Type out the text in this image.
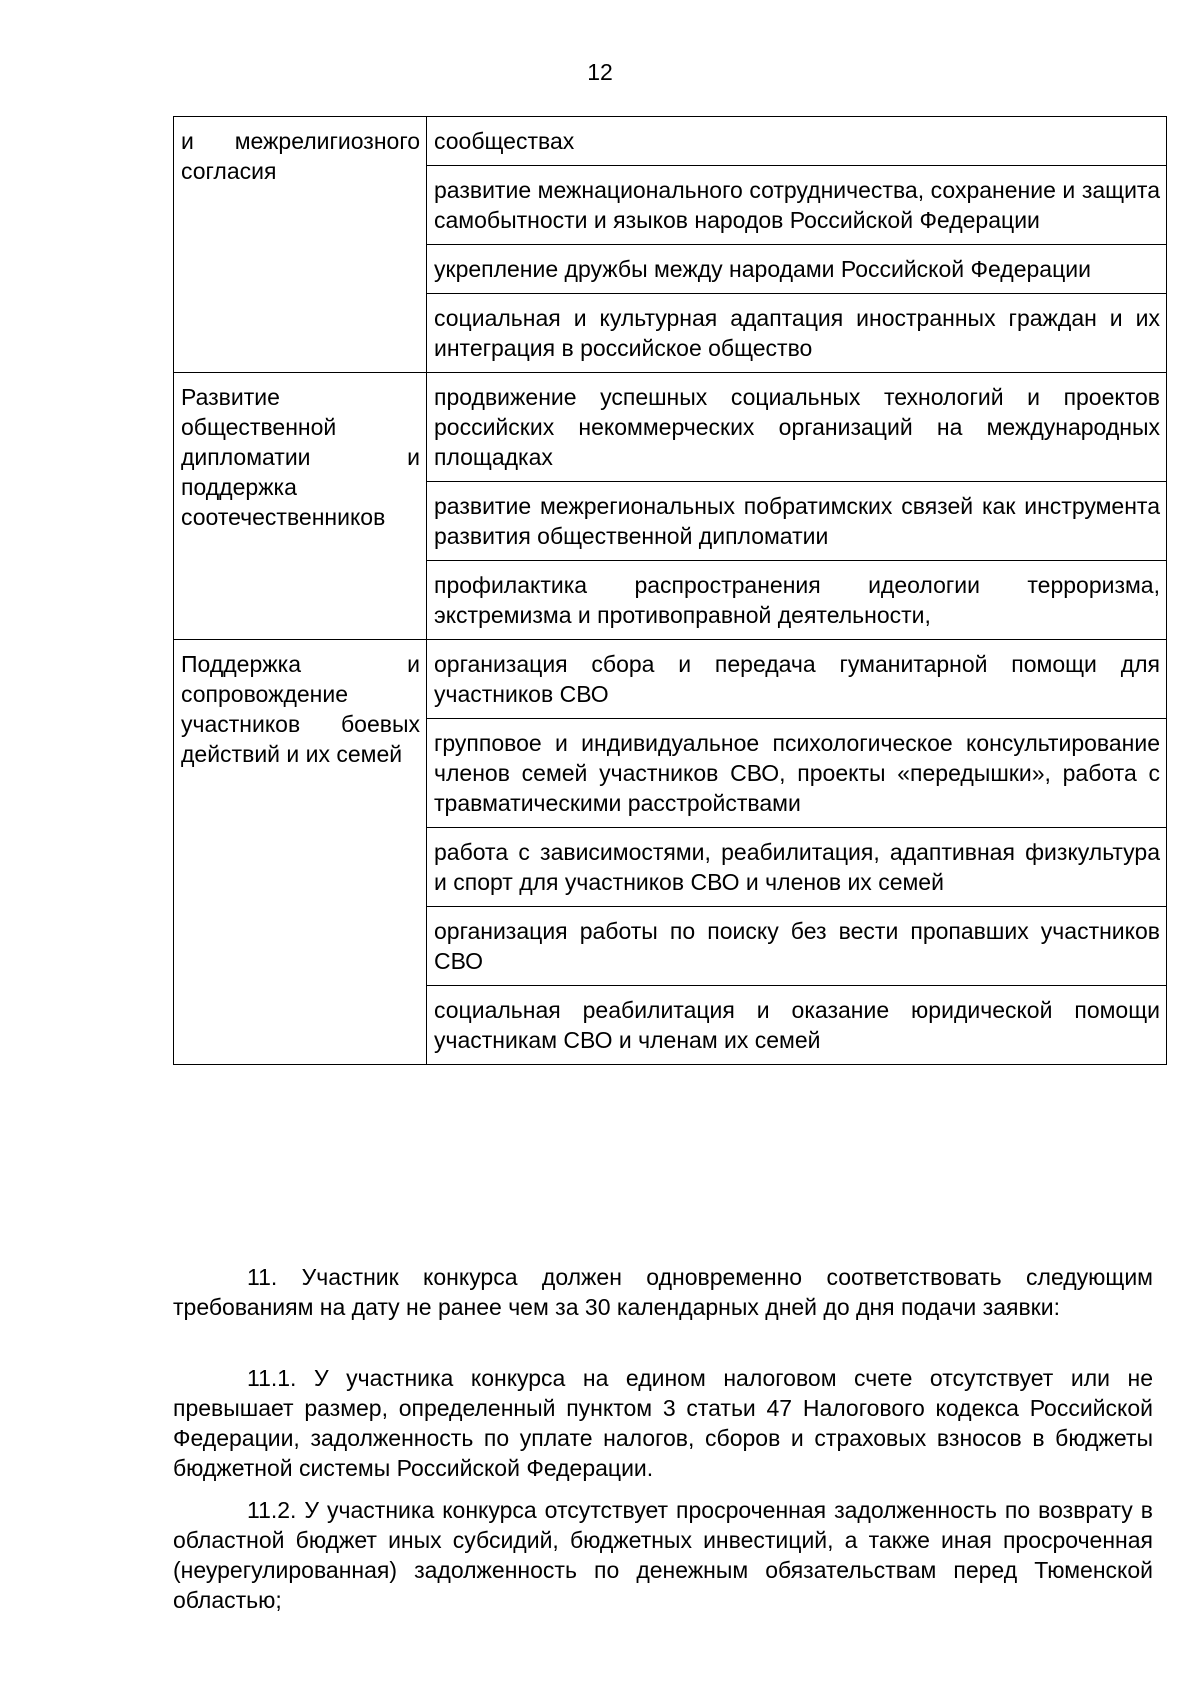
12
и межрелигиозного согласия	сообществах
	развитие межнационального сотрудничества, сохранение и защита самобытности и языков народов Российской Федерации
	укрепление дружбы между народами Российской Федерации
	социальная и культурная адаптация иностранных граждан и их интеграция в российское общество
Развитие общественной дипломатии и поддержка соотечественников	продвижение успешных социальных технологий и проектов российских некоммерческих организаций на международных площадках
	развитие межрегиональных побратимских связей как инструмента развития общественной дипломатии
	профилактика распространения идеологии терроризма, экстремизма и противоправной деятельности,
Поддержка и сопровождение участников боевых действий и их семей	организация сбора и передача гуманитарной помощи для участников СВО
	групповое и индивидуальное психологическое консультирование членов семей участников СВО, проекты «передышки», работа с травматическими расстройствами
	работа с зависимостями, реабилитация, адаптивная физкультура и спорт для участников СВО и членов их семей
	организация работы по поиску без вести пропавших участников СВО
	социальная реабилитация и оказание юридической помощи участникам СВО и членам их семей

11. Участник конкурса должен одновременно соответствовать следующим требованиям на дату не ранее чем за 30 календарных дней до дня подачи заявки:

11.1. У участника конкурса на едином налоговом счете отсутствует или не превышает размер, определенный пунктом 3 статьи 47 Налогового кодекса Российской Федерации, задолженность по уплате налогов, сборов и страховых взносов в бюджеты бюджетной системы Российской Федерации.

11.2. У участника конкурса отсутствует просроченная задолженность по возврату в областной бюджет иных субсидий, бюджетных инвестиций, а также иная просроченная (неурегулированная) задолженность по денежным обязательствам перед Тюменской областью;
